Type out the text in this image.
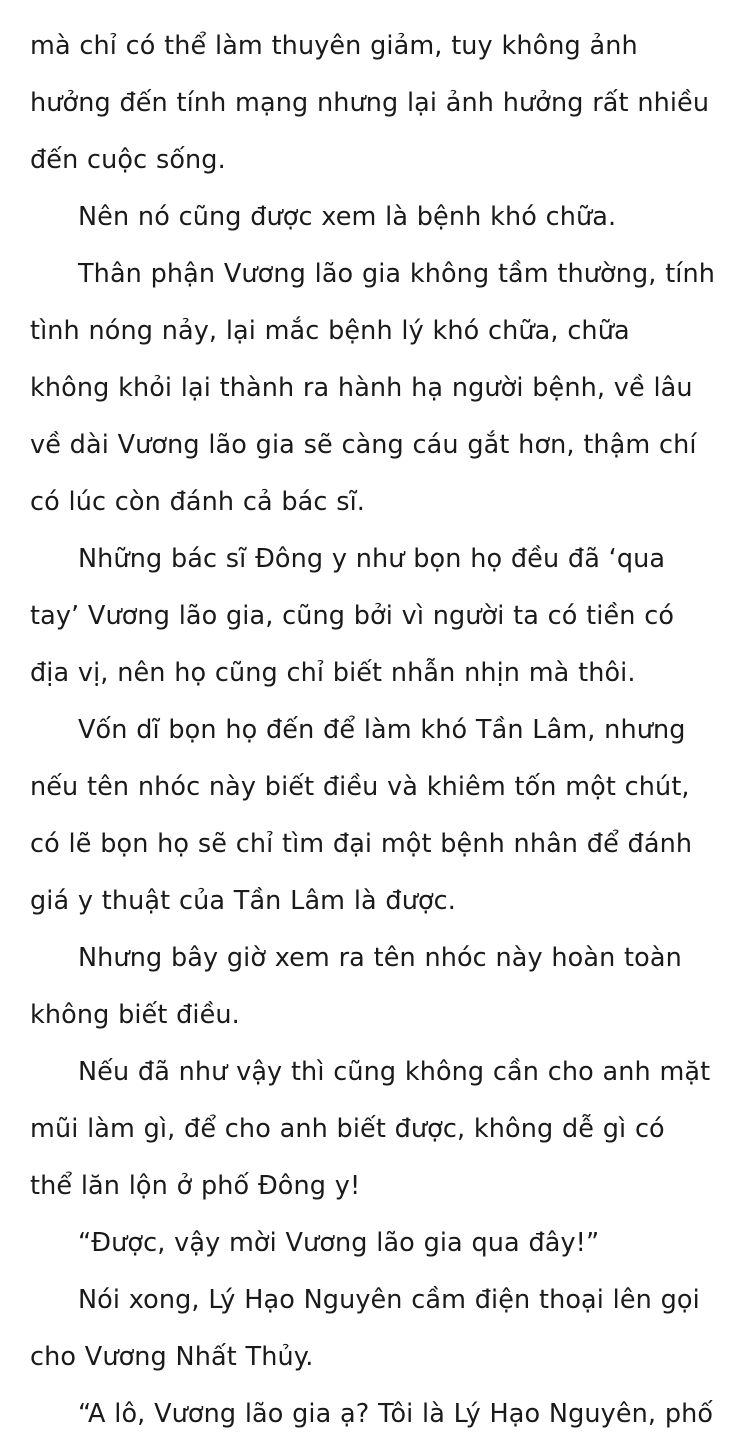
mà chỉ có thể làm thuyên giảm, tuy không ảnh hưởng đến tính mạng nhưng lại ảnh hưởng rất nhiều đến cuộc sống.

Nên nó cũng được xem là bệnh khó chữa.

Thân phận Vương lão gia không tầm thường, tính tình nóng nảy, lại mắc bệnh lý khó chữa, chữa không khỏi lại thành ra hành hạ người bệnh, về lâu về dài Vương lão gia sẽ càng cáu gắt hơn, thậm chí có lúc còn đánh cả bác sĩ.

Những bác sĩ Đông y như bọn họ đều đã ‘qua tay’ Vương lão gia, cũng bởi vì người ta có tiền có địa vị, nên họ cũng chỉ biết nhẫn nhịn mà thôi.

Vốn dĩ bọn họ đến để làm khó Tần Lâm, nhưng nếu tên nhóc này biết điều và khiêm tốn một chút, có lẽ bọn họ sẽ chỉ tìm đại một bệnh nhân để đánh giá y thuật của Tần Lâm là được.

Nhưng bây giờ xem ra tên nhóc này hoàn toàn không biết điều.

Nếu đã như vậy thì cũng không cần cho anh mặt mũi làm gì, để cho anh biết được, không dễ gì có thể lăn lộn ở phố Đông y!

“Được, vậy mời Vương lão gia qua đây!”

Nói xong, Lý Hạo Nguyên cầm điện thoại lên gọi cho Vương Nhất Thủy.

“A lô, Vương lão gia ạ? Tôi là Lý Hạo Nguyên, phố
